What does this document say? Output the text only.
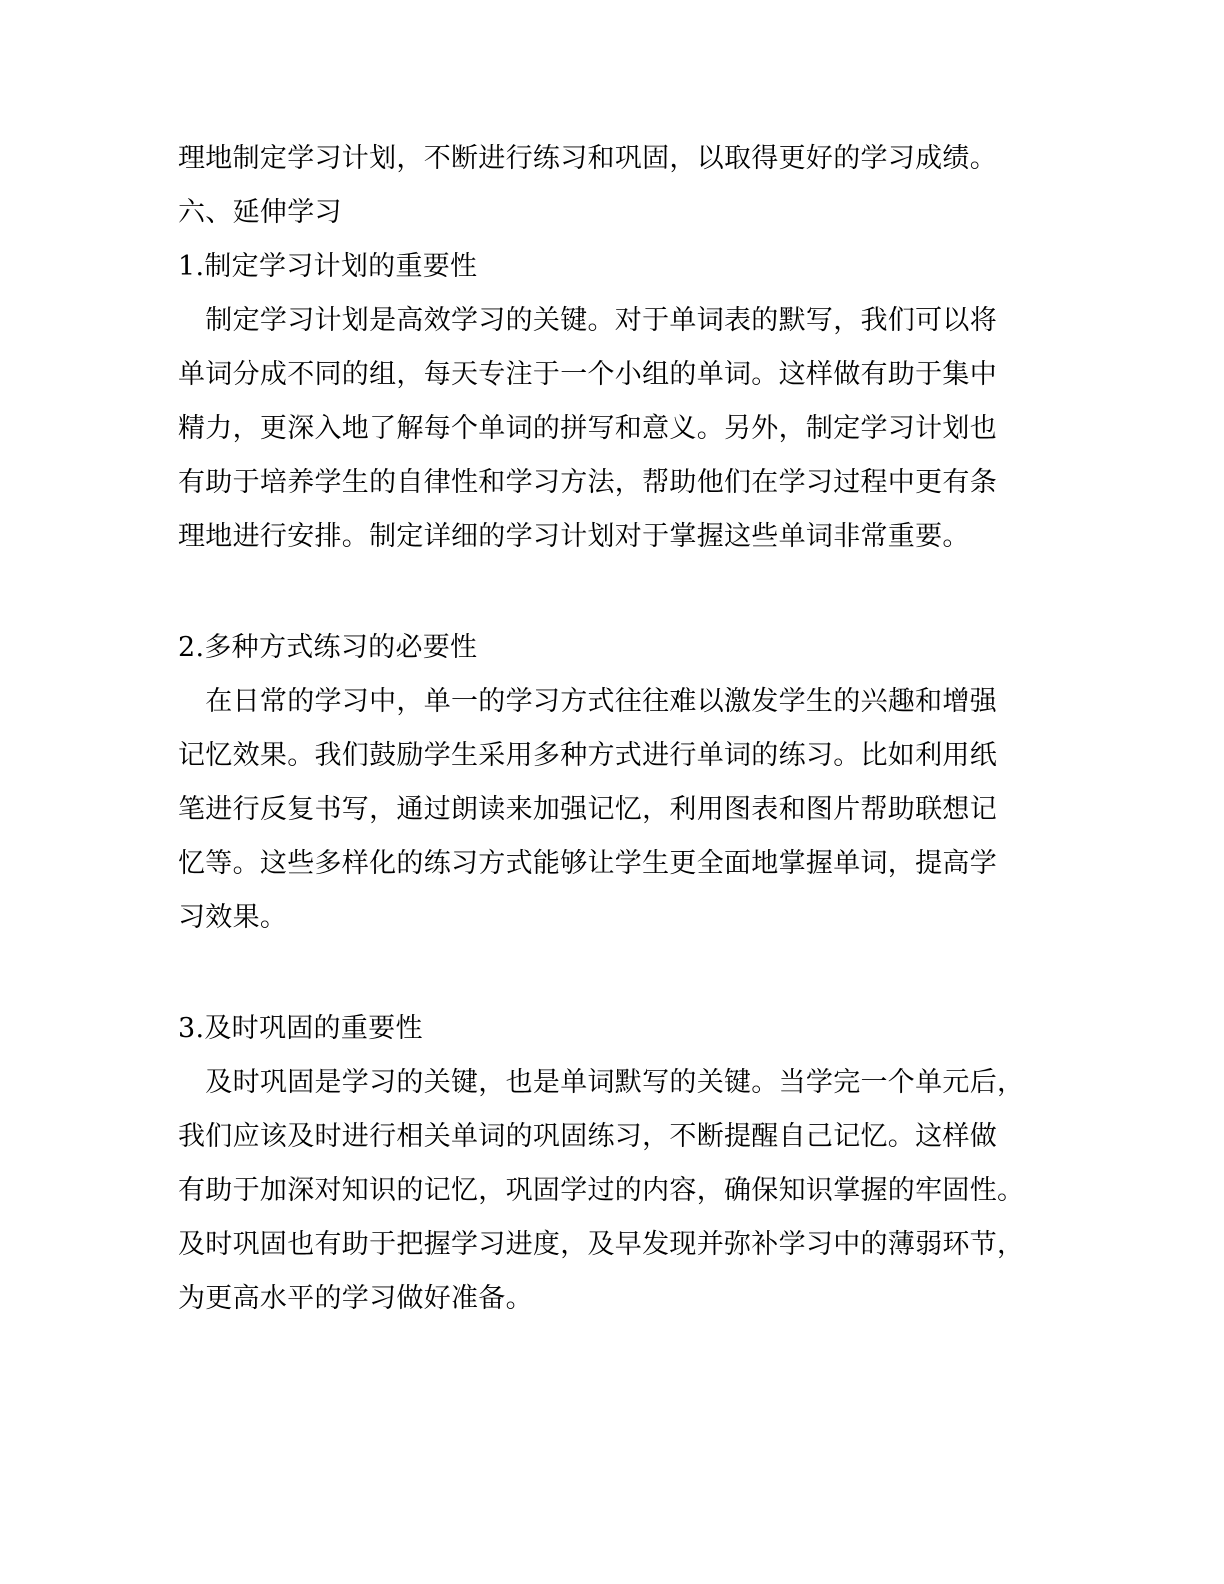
理地制定学习计划，不断进行练习和巩固，以取得更好的学习成绩。
六、延伸学习
1.制定学习计划的重要性
　制定学习计划是高效学习的关键。对于单词表的默写，我们可以将
单词分成不同的组，每天专注于一个小组的单词。这样做有助于集中
精力，更深入地了解每个单词的拼写和意义。另外，制定学习计划也
有助于培养学生的自律性和学习方法，帮助他们在学习过程中更有条
理地进行安排。制定详细的学习计划对于掌握这些单词非常重要。
2.多种方式练习的必要性
　在日常的学习中，单一的学习方式往往难以激发学生的兴趣和增强
记忆效果。我们鼓励学生采用多种方式进行单词的练习。比如利用纸
笔进行反复书写，通过朗读来加强记忆，利用图表和图片帮助联想记
忆等。这些多样化的练习方式能够让学生更全面地掌握单词，提高学
习效果。
3.及时巩固的重要性
　及时巩固是学习的关键，也是单词默写的关键。当学完一个单元后，
我们应该及时进行相关单词的巩固练习，不断提醒自己记忆。这样做
有助于加深对知识的记忆，巩固学过的内容，确保知识掌握的牢固性。
及时巩固也有助于把握学习进度，及早发现并弥补学习中的薄弱环节，
为更高水平的学习做好准备。
